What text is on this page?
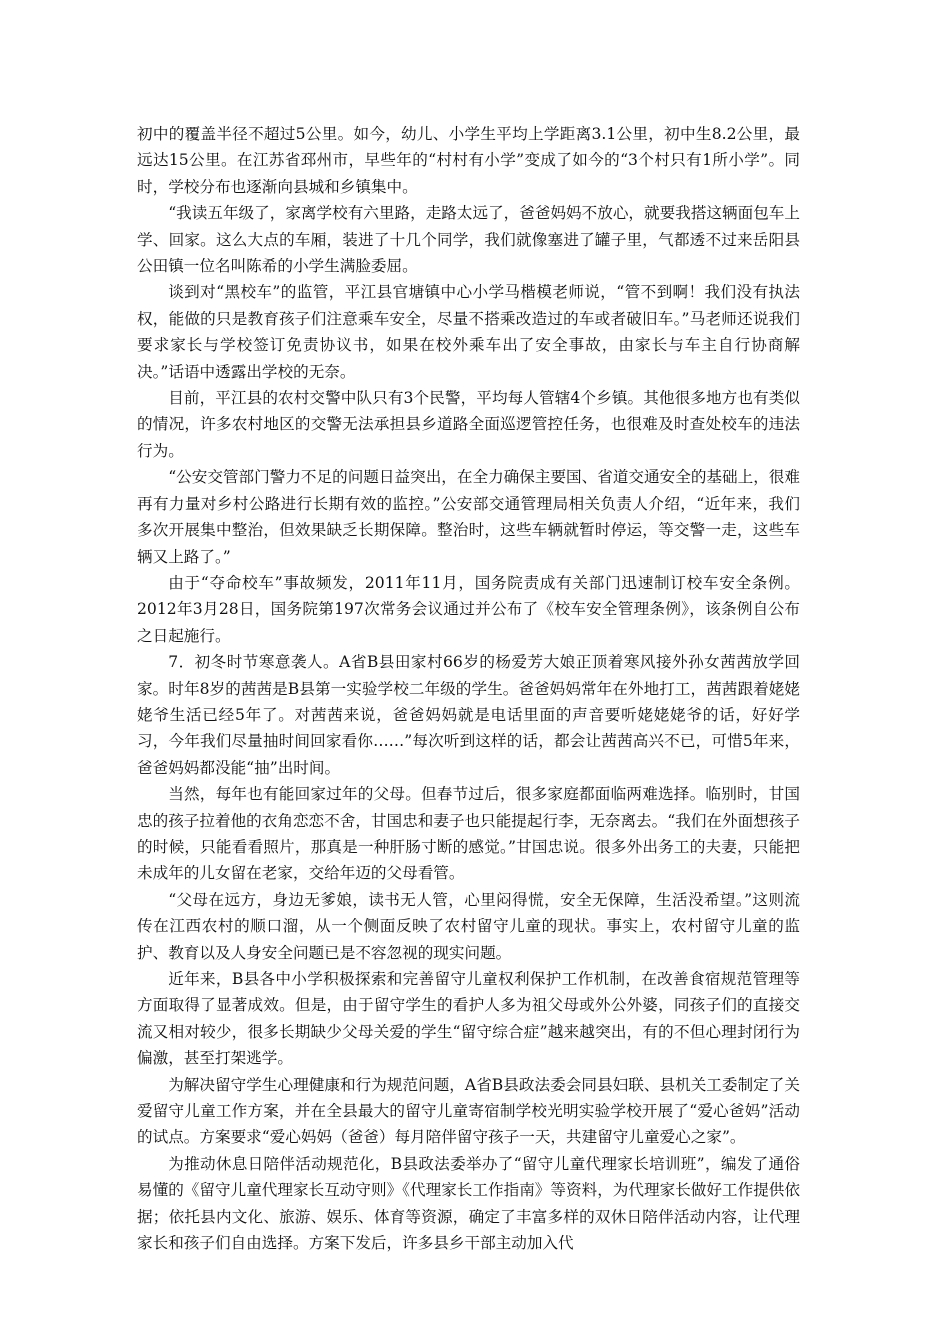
初中的覆盖半径不超过5公里。如今，幼儿、小学生平均上学距离3.1公里，初中生8.2公里，最远达15公里。在江苏省邳州市，早些年的“村村有小学”变成了如今的“3个村只有1所小学”。同时，学校分布也逐渐向县城和乡镇集中。

“我读五年级了，家离学校有六里路，走路太远了，爸爸妈妈不放心，就要我搭这辆面包车上学、回家。这么大点的车厢，装进了十几个同学，我们就像塞进了罐子里，气都透不过来岳阳县公田镇一位名叫陈希的小学生满脸委屈。

谈到对“黑校车”的监管，平江县官塘镇中心小学马楷模老师说，“管不到啊！我们没有执法权，能做的只是教育孩子们注意乘车安全，尽量不搭乘改造过的车或者破旧车。”马老师还说我们要求家长与学校签订免责协议书，如果在校外乘车出了安全事故，由家长与车主自行协商解决。”话语中透露出学校的无奈。

目前，平江县的农村交警中队只有3个民警，平均每人管辖4个乡镇。其他很多地方也有类似的情况，许多农村地区的交警无法承担县乡道路全面巡逻管控任务，也很难及时查处校车的违法行为。

“公安交管部门警力不足的问题日益突出，在全力确保主要国、省道交通安全的基础上，很难再有力量对乡村公路进行长期有效的监控。”公安部交通管理局相关负责人介绍，“近年来，我们多次开展集中整治，但效果缺乏长期保障。整治时，这些车辆就暂时停运，等交警一走，这些车辆又上路了。”

由于“夺命校车”事故频发，2011年11月，国务院责成有关部门迅速制订校车安全条例。2012年3月28日，国务院第197次常务会议通过并公布了《校车安全管理条例》，该条例自公布之日起施行。

7．初冬时节寒意袭人。A省B县田家村66岁的杨爱芳大娘正顶着寒风接外孙女茜茜放学回家。时年8岁的茜茜是B县第一实验学校二年级的学生。爸爸妈妈常年在外地打工，茜茜跟着姥姥姥爷生活已经5年了。对茜茜来说，爸爸妈妈就是电话里面的声音要听姥姥姥爷的话，好好学习，今年我们尽量抽时间回家看你……”每次听到这样的话，都会让茜茜高兴不已，可惜5年来，爸爸妈妈都没能“抽”出时间。

当然，每年也有能回家过年的父母。但春节过后，很多家庭都面临两难选择。临别时，甘国忠的孩子拉着他的衣角恋恋不舍，甘国忠和妻子也只能提起行李，无奈离去。“我们在外面想孩子的时候，只能看看照片，那真是一种肝肠寸断的感觉。”甘国忠说。很多外出务工的夫妻，只能把未成年的儿女留在老家，交给年迈的父母看管。

“父母在远方，身边无爹娘，读书无人管，心里闷得慌，安全无保障，生活没希望。”这则流传在江西农村的顺口溜，从一个侧面反映了农村留守儿童的现状。事实上，农村留守儿童的监护、教育以及人身安全问题已是不容忽视的现实问题。

近年来，B县各中小学积极探索和完善留守儿童权利保护工作机制，在改善食宿规范管理等方面取得了显著成效。但是，由于留守学生的看护人多为祖父母或外公外婆，同孩子们的直接交流又相对较少，很多长期缺少父母关爱的学生“留守综合症”越来越突出，有的不但心理封闭行为偏激，甚至打架逃学。

为解决留守学生心理健康和行为规范问题，A省B县政法委会同县妇联、县机关工委制定了关爱留守儿童工作方案，并在全县最大的留守儿童寄宿制学校光明实验学校开展了“爱心爸妈”活动的试点。方案要求“爱心妈妈（爸爸）每月陪伴留守孩子一天，共建留守儿童爱心之家”。

为推动休息日陪伴活动规范化，B县政法委举办了“留守儿童代理家长培训班”，编发了通俗易懂的《留守儿童代理家长互动守则》《代理家长工作指南》等资料，为代理家长做好工作提供依据；依托县内文化、旅游、娱乐、体育等资源，确定了丰富多样的双休日陪伴活动内容，让代理家长和孩子们自由选择。方案下发后，许多县乡干部主动加入代
